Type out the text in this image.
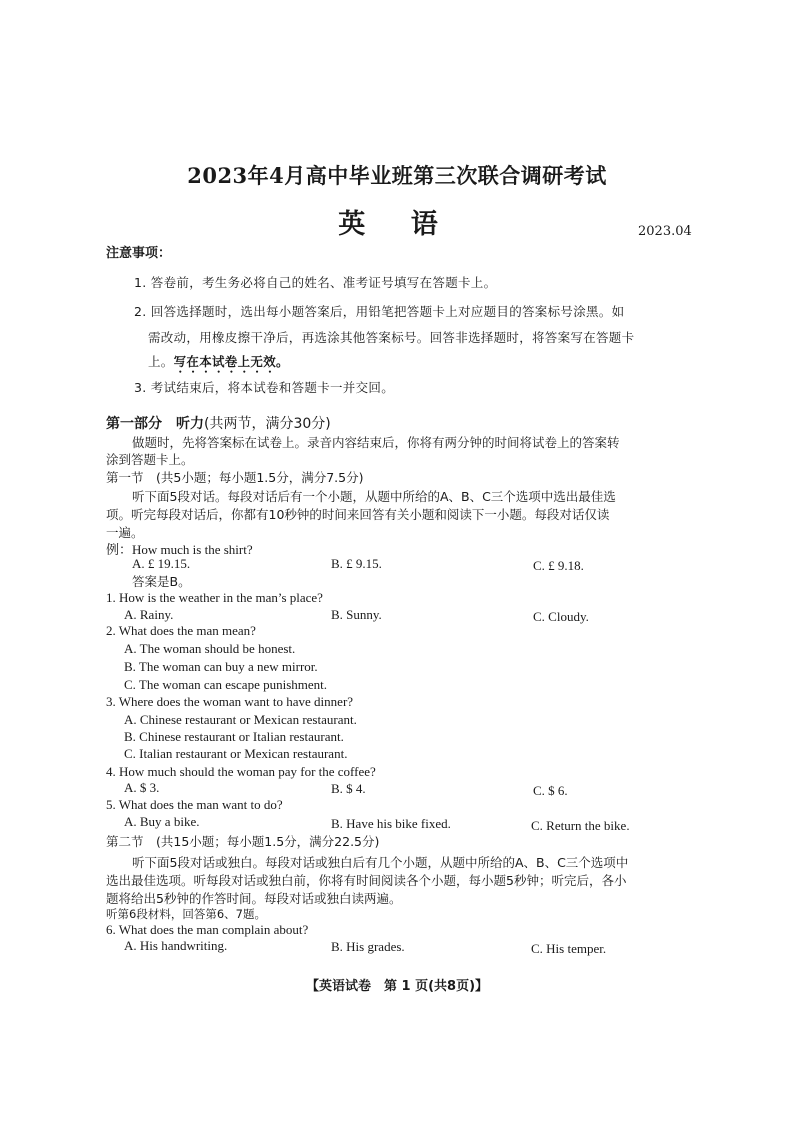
2023年4月高中毕业班第三次联合调研考试
英 语	2023.04
注意事项：
1. 答卷前，考生务必将自己的姓名、准考证号填写在答题卡上。
2. 回答选择题时，选出每小题答案后，用铅笔把答题卡上对应题目的答案标号涂黑。如
需改动，用橡皮擦干净后，再选涂其他答案标号。回答非选择题时，将答案写在答题卡
上。写在本试卷上无效。
3. 考试结束后，将本试卷和答题卡一并交回。
第一部分　听力(共两节，满分30分)
做题时，先将答案标在试卷上。录音内容结束后，你将有两分钟的时间将试卷上的答案转
涂到答题卡上。
第一节　(共5小题；每小题1.5分，满分7.5分)
听下面5段对话。每段对话后有一个小题，从题中所给的A、B、C三个选项中选出最佳选
项。听完每段对话后，你都有10秒钟的时间来回答有关小题和阅读下一小题。每段对话仅读
一遍。
例：How much is the shirt?
A. £ 19.15.	B. £ 9.15.	C. £ 9.18.
答案是B。
1. How is the weather in the man’s place?
A. Rainy.	B. Sunny.	C. Cloudy.
2. What does the man mean?
A. The woman should be honest.
B. The woman can buy a new mirror.
C. The woman can escape punishment.
3. Where does the woman want to have dinner?
A. Chinese restaurant or Mexican restaurant.
B. Chinese restaurant or Italian restaurant.
C. Italian restaurant or Mexican restaurant.
4. How much should the woman pay for the coffee?
A. $ 3.	B. $ 4.	C. $ 6.
5. What does the man want to do?
A. Buy a bike.	B. Have his bike fixed.	C. Return the bike.
第二节　(共15小题；每小题1.5分，满分22.5分)
听下面5段对话或独白。每段对话或独白后有几个小题，从题中所给的A、B、C三个选项中
选出最佳选项。听每段对话或独白前，你将有时间阅读各个小题，每小题5秒钟；听完后，各小
题将给出5秒钟的作答时间。每段对话或独白读两遍。
听第6段材料，回答第6、7题。
6. What does the man complain about?
A. His handwriting.	B. His grades.	C. His temper.
【英语试卷　第 1 页(共8页)】
